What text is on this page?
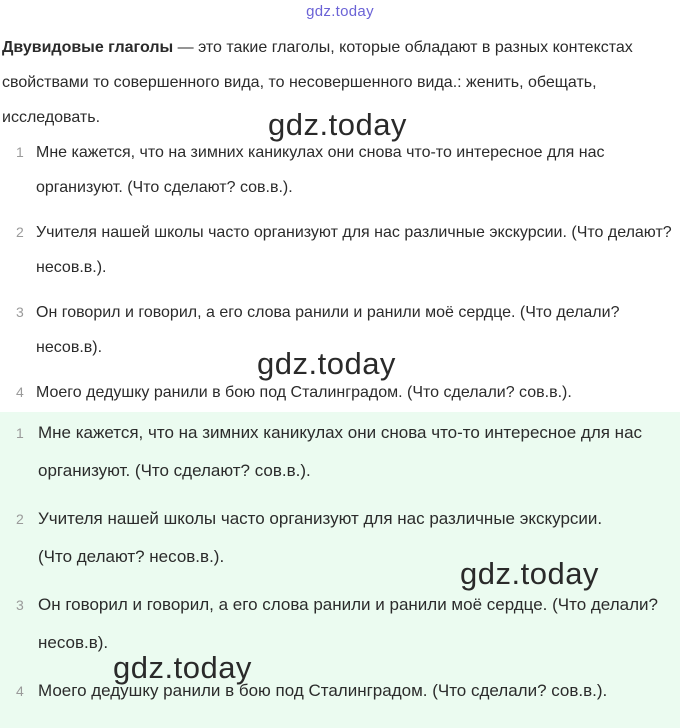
gdz.today
Двувидовые глаголы — это такие глаголы, которые обладают в разных контекстах свойствами то совершенного вида, то несовершенного вида.: женить, обещать, исследовать.
1 Мне кажется, что на зимних каникулах они снова что-то интересное для нас организуют. (Что сделают? сов.в.).
2 Учителя нашей школы часто организуют для нас различные экскурсии. (Что делают? несов.в.).
3 Он говорил и говорил, а его слова ранили и ранили моё сердце. (Что делали? несов.в).
4 Моего дедушку ранили в бою под Сталинградом. (Что сделали? сов.в.).
1 Мне кажется, что на зимних каникулах они снова что-то интересное для нас организуют. (Что сделают? сов.в.).
2 Учителя нашей школы часто организуют для нас различные экскурсии. (Что делают? несов.в.).
3 Он говорил и говорил, а его слова ранили и ранили моё сердце. (Что делали? несов.в).
4 Моего дедушку ранили в бою под Сталинградом. (Что сделали? сов.в.).
gdz.today
gdz.today
gdz.today
gdz.today
